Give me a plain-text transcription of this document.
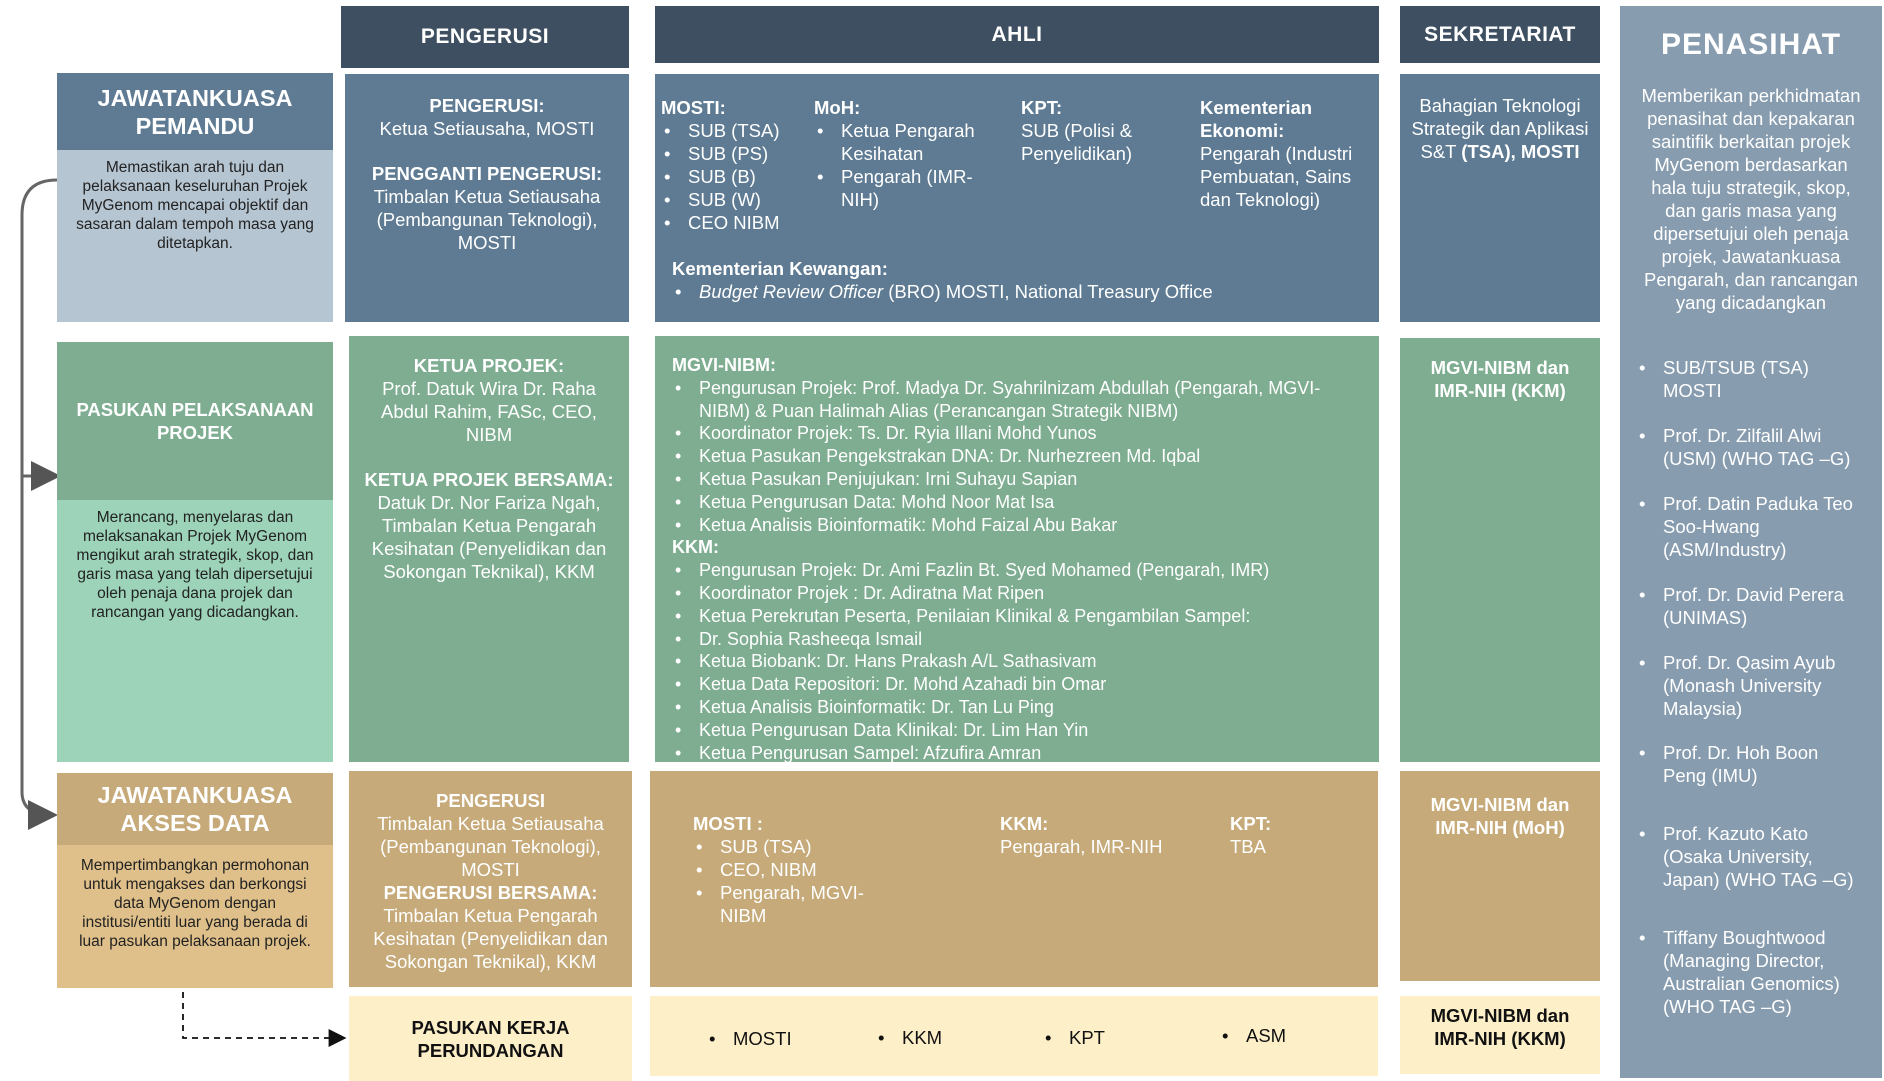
PENGERUSI	AHLI	SEKRETARIAT	PENASIHAT
Memberikan perkhidmatan penasihat dan kepakaran saintifik berkaitan projek MyGenom berdasarkan hala tuju strategik, skop, dan garis masa yang dipersetujui oleh penaja projek, Jawatankuasa Pengarah, dan rancangan yang dicadangkan
• SUB/TSUB (TSA) MOSTI
• Prof. Dr. Zilfalil Alwi (USM) (WHO TAG –G)
• Prof. Datin Paduka Teo Soo-Hwang (ASM/Industry)
• Prof. Dr. David Perera (UNIMAS)
• Prof. Dr. Qasim Ayub (Monash University Malaysia)
• Prof. Dr. Hoh Boon Peng (IMU)
• Prof. Kazuto Kato (Osaka University, Japan) (WHO TAG –G)
• Tiffany Boughtwood (Managing Director, Australian Genomics) (WHO TAG –G)
JAWATANKUASA PEMANDU
Memastikan arah tuju dan pelaksanaan keseluruhan Projek MyGenom mencapai objektif dan sasaran dalam tempoh masa yang ditetapkan.
PENGERUSI:
Ketua Setiausaha, MOSTI
PENGGANTI PENGERUSI:
Timbalan Ketua Setiausaha (Pembangunan Teknologi), MOSTI
MOSTI:
• SUB (TSA)
• SUB (PS)
• SUB (B)
• SUB (W)
• CEO NIBM
MoH:
• Ketua Pengarah Kesihatan
• Pengarah (IMR-NIH)
KPT:
SUB (Polisi & Penyelidikan)
Kementerian Ekonomi:
Pengarah (Industri Pembuatan, Sains dan Teknologi)
Kementerian Kewangan:
• Budget Review Officer (BRO) MOSTI, National Treasury Office
Bahagian Teknologi Strategik dan Aplikasi S&T (TSA), MOSTI
PASUKAN PELAKSANAAN PROJEK
Merancang, menyelaras dan melaksanakan Projek MyGenom mengikut arah strategik, skop, dan garis masa yang telah dipersetujui oleh penaja dana projek dan rancangan yang dicadangkan.
KETUA PROJEK:
Prof. Datuk Wira Dr. Raha Abdul Rahim, FASc, CEO, NIBM
KETUA PROJEK BERSAMA:
Datuk Dr. Nor Fariza Ngah, Timbalan Ketua Pengarah Kesihatan (Penyelidikan dan Sokongan Teknikal), KKM
MGVI-NIBM:
• Pengurusan Projek: Prof. Madya Dr. Syahrilnizam Abdullah (Pengarah, MGVI-NIBM) & Puan Halimah Alias (Perancangan Strategik NIBM)
• Koordinator Projek: Ts. Dr. Ryia Illani Mohd Yunos
• Ketua Pasukan Pengekstrakan DNA: Dr. Nurhezreen Md. Iqbal
• Ketua Pasukan Penjujukan: Irni Suhayu Sapian
• Ketua Pengurusan Data: Mohd Noor Mat Isa
• Ketua Analisis Bioinformatik: Mohd Faizal Abu Bakar
KKM:
• Pengurusan Projek: Dr. Ami Fazlin Bt. Syed Mohamed (Pengarah, IMR)
• Koordinator Projek : Dr. Adiratna Mat Ripen
• Ketua Perekrutan Peserta, Penilaian Klinikal & Pengambilan Sampel:
• Dr. Sophia Rasheeqa Ismail
• Ketua Biobank: Dr. Hans Prakash A/L Sathasivam
• Ketua Data Repositori: Dr. Mohd Azahadi bin Omar
• Ketua Analisis Bioinformatik: Dr. Tan Lu Ping
• Ketua Pengurusan Data Klinikal: Dr. Lim Han Yin
• Ketua Pengurusan Sampel: Afzufira Amran
MGVI-NIBM dan IMR-NIH (KKM)
JAWATANKUASA AKSES DATA
Mempertimbangkan permohonan untuk mengakses dan berkongsi data MyGenom dengan institusi/entiti luar yang berada di luar pasukan pelaksanaan projek.
PENGERUSI
Timbalan Ketua Setiausaha (Pembangunan Teknologi), MOSTI
PENGERUSI BERSAMA:
Timbalan Ketua Pengarah Kesihatan (Penyelidikan dan Sokongan Teknikal), KKM
MOSTI :
• SUB (TSA)
• CEO, NIBM
• Pengarah, MGVI-NIBM
KKM:
Pengarah, IMR-NIH
KPT:
TBA
MGVI-NIBM dan IMR-NIH (MoH)
PASUKAN KERJA PERUNDANGAN
• MOSTI	• KKM	• KPT	• ASM
MGVI-NIBM dan IMR-NIH (KKM)
